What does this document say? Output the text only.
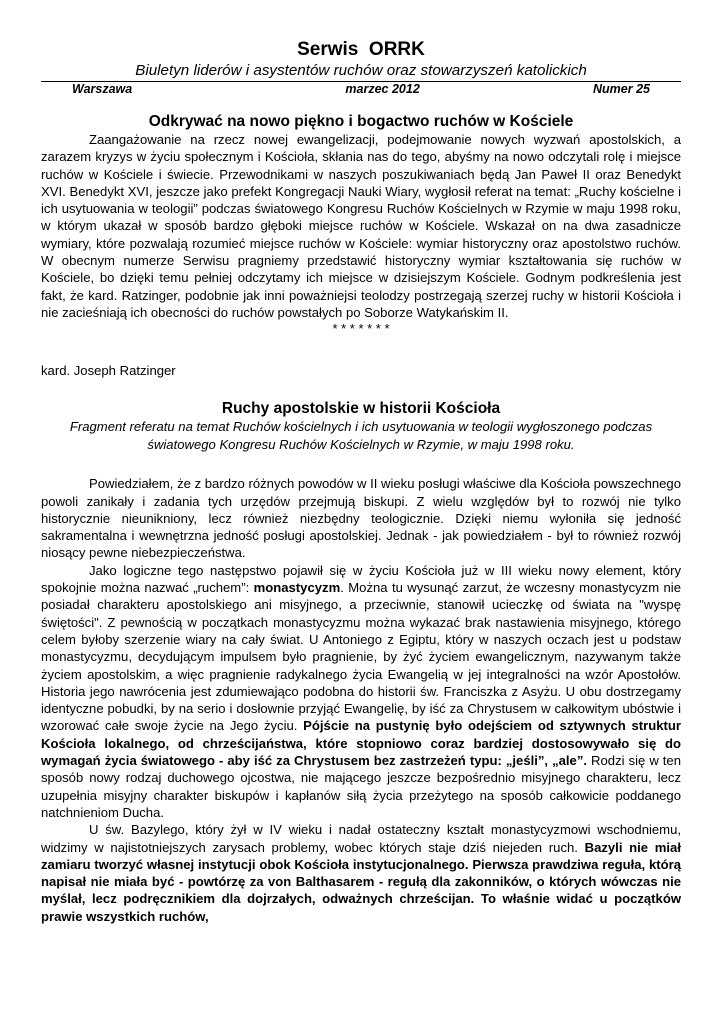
Serwis  ORRK
Biuletyn liderów i asystentów ruchów oraz stowarzyszeń katolickich
Warszawa	marzec 2012	Numer 25
Odkrywać na nowo piękno i bogactwo ruchów w Kościele

Zaangażowanie na rzecz nowej ewangelizacji, podejmowanie nowych wyzwań apostolskich, a zarazem kryzys w życiu społecznym i Kościoła, skłania nas do tego, abyśmy na nowo odczytali rolę i miejsce ruchów w Kościele i świecie. Przewodnikami w naszych poszukiwaniach będą Jan Paweł II oraz Benedykt XVI. Benedykt XVI, jeszcze jako prefekt Kongregacji Nauki Wiary, wygłosił referat na temat: „Ruchy kościelne i ich usytuowania w teologii” podczas światowego Kongresu Ruchów Kościelnych w Rzymie w maju 1998 roku, w którym ukazał w sposób bardzo głęboki miejsce ruchów w Kościele. Wskazał on na dwa zasadnicze wymiary, które pozwalają rozumieć miejsce ruchów w Kościele: wymiar historyczny oraz apostolstwo ruchów. W obecnym numerze Serwisu pragniemy przedstawić historyczny wymiar kształtowania się ruchów w Kościele, bo dzięki temu pełniej odczytamy ich miejsce w dzisiejszym Kościele. Godnym podkreślenia jest fakt, że kard. Ratzinger, podobnie jak inni poważniejsi teolodzy postrzegają szerzej ruchy w historii Kościoła i nie zacieśniają ich obecności do ruchów powstałych po Soborze Watykańskim II.

* * * * * * *
kard. Joseph Ratzinger
Ruchy apostolskie w historii Kościoła
Fragment referatu na temat Ruchów kościelnych i ich usytuowania w teologii wygłoszonego podczas światowego Kongresu Ruchów Kościelnych w Rzymie, w maju 1998 roku.

Powiedziałem, że z bardzo różnych powodów w II wieku posługi właściwe dla Kościoła powszechnego powoli zanikały i zadania tych urzędów przejmują biskupi. Z wielu względów był to rozwój nie tylko historycznie nieunikniony, lecz również niezbędny teologicznie. Dzięki niemu wyłoniła się jedność sakramentalna i wewnętrzna jedność posługi apostolskiej. Jednak - jak powiedziałem - był to również rozwój niosący pewne niebezpieczeństwa.

Jako logiczne tego następstwo pojawił się w życiu Kościoła już w III wieku nowy element, który spokojnie można nazwać „ruchem”: monastycyzm. Można tu wysunąć zarzut, że wczesny monastycyzm nie posiadał charakteru apostolskiego ani misyjnego, a przeciwnie, stanowił ucieczkę od świata na "wyspę świętości". Z pewnością w początkach monastycyzmu można wykazać brak nastawienia misyjnego, którego celem byłoby szerzenie wiary na cały świat. U Antoniego z Egiptu, który w naszych oczach jest u podstaw monastycyzmu, decydującym impulsem było pragnienie, by żyć życiem ewangelicznym, nazywanym także życiem apostolskim, a więc pragnienie radykalnego życia Ewangelią w jej integralności na wzór Apostołów. Historia jego nawrócenia jest zdumiewająco podobna do historii św. Franciszka z Asyżu. U obu dostrzegamy identyczne pobudki, by na serio i dosłownie przyjąć Ewangelię, by iść za Chrystusem w całkowitym ubóstwie i wzorować całe swoje życie na Jego życiu. Pójście na pustynię było odejściem od sztywnych struktur Kościoła lokalnego, od chrześcijaństwa, które stopniowo coraz bardziej dostosowywało się do wymagań życia światowego - aby iść za Chrystusem bez zastrzeżeń typu: „jeśli”, „ale”. Rodzi się w ten sposób nowy rodzaj duchowego ojcostwa, nie mającego jeszcze bezpośrednio misyjnego charakteru, lecz uzupełnia misyjny charakter biskupów i kapłanów siłą życia przeżytego na sposób całkowicie poddanego natchnieniom Ducha.

U św. Bazylego, który żył w IV wieku i nadał ostateczny kształt monastycyzmowi wschodniemu, widzimy w najistotniejszych zarysach problemy, wobec których staje dziś niejeden ruch. Bazyli nie miał zamiaru tworzyć własnej instytucji obok Kościoła instytucjonalnego. Pierwsza prawdziwa reguła, którą napisał nie miała być - powtórzę za von Balthasarem - regułą dla zakonników, o których wówczas nie myślał, lecz podręcznikiem dla dojrzałych, odważnych chrześcijan. To właśnie widać u początków prawie wszystkich ruchów,
